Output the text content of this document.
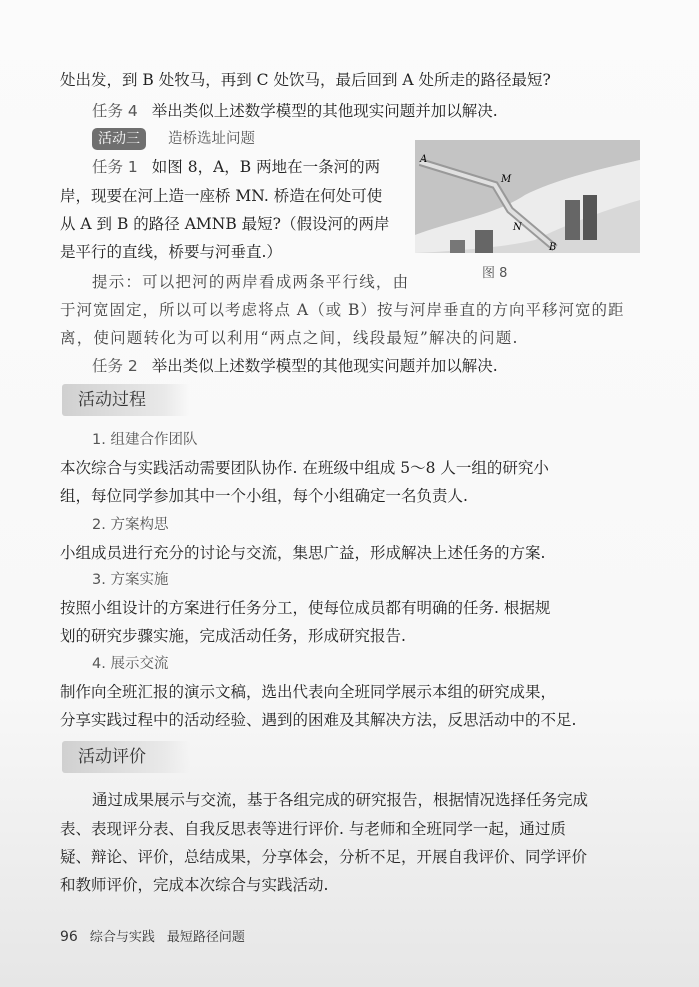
处出发，到 B 处牧马，再到 C 处饮马，最后回到 A 处所走的路径最短?
任务 4 举出类似上述数学模型的其他现实问题并加以解决.
活动三	造桥选址问题
任务 1 如图 8，A，B 两地在一条河的两
岸，现要在河上造一座桥 MN. 桥造在何处可使
从 A 到 B 的路径 AMNB 最短?（假设河的两岸
是平行的直线，桥要与河垂直.）
提示：可以把河的两岸看成两条平行线，由
于河宽固定，所以可以考虑将点 A（或 B）按与河岸垂直的方向平移河宽的距
离，使问题转化为可以利用“两点之间，线段最短”解决的问题.
任务 2 举出类似上述数学模型的其他现实问题并加以解决.
A
M
N
B
图 8
活动过程
1. 组建合作团队
本次综合与实践活动需要团队协作. 在班级中组成 5～8 人一组的研究小
组，每位同学参加其中一个小组，每个小组确定一名负责人.
2. 方案构思
小组成员进行充分的讨论与交流，集思广益，形成解决上述任务的方案.
3. 方案实施
按照小组设计的方案进行任务分工，使每位成员都有明确的任务. 根据规
划的研究步骤实施，完成活动任务，形成研究报告.
4. 展示交流
制作向全班汇报的演示文稿，选出代表向全班同学展示本组的研究成果，
分享实践过程中的活动经验、遇到的困难及其解决方法，反思活动中的不足.
活动评价
通过成果展示与交流，基于各组完成的研究报告，根据情况选择任务完成
表、表现评分表、自我反思表等进行评价. 与老师和全班同学一起，通过质
疑、辩论、评价，总结成果，分享体会，分析不足，开展自我评价、同学评价
和教师评价，完成本次综合与实践活动.
96 综合与实践 最短路径问题
